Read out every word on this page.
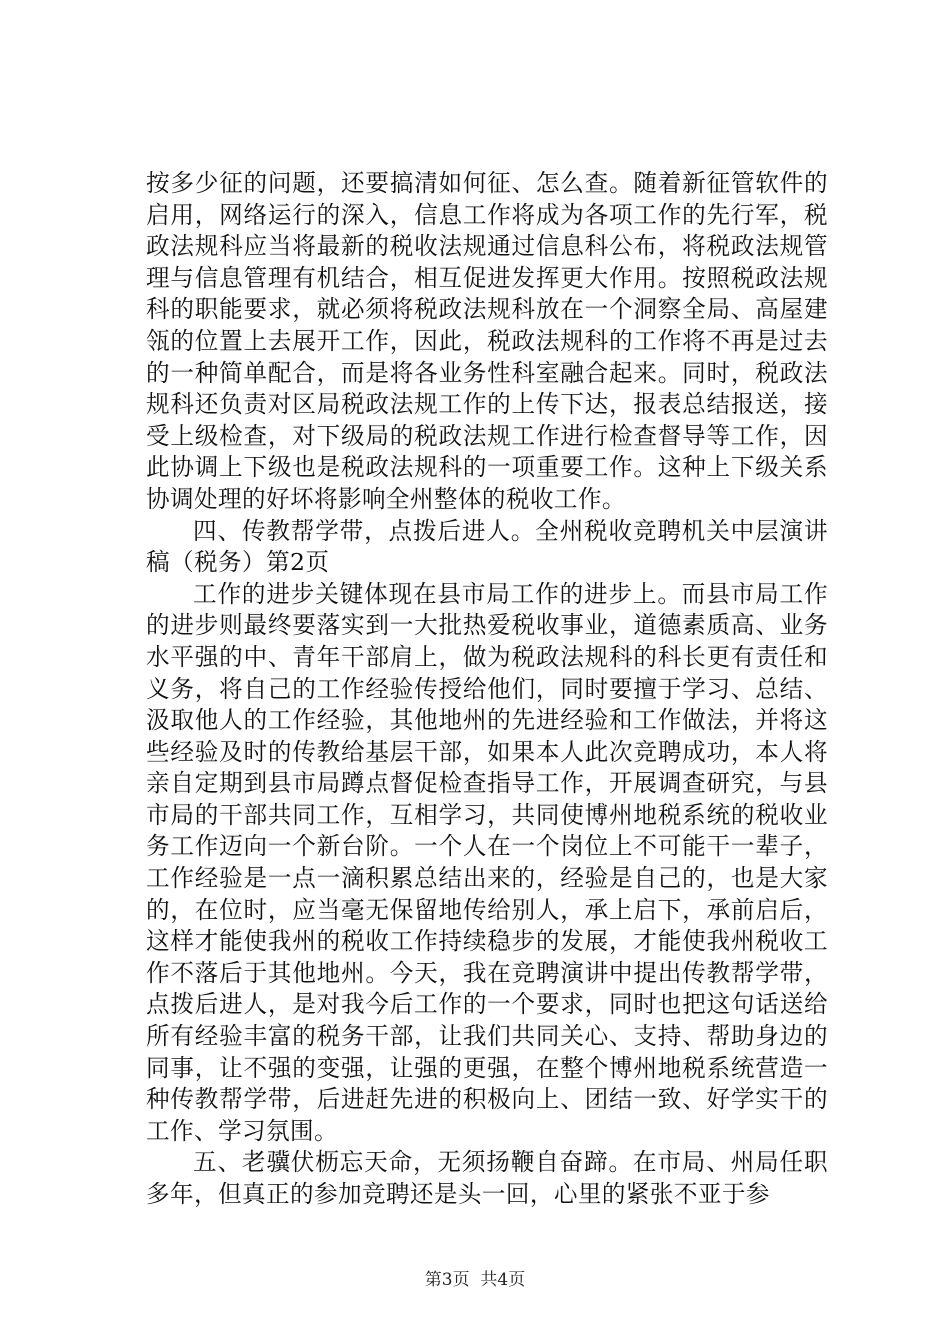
按多少征的问题，还要搞清如何征、怎么查。随着新征管软件的启用，网络运行的深入，信息工作将成为各项工作的先行军，税政法规科应当将最新的税收法规通过信息科公布，将税政法规管理与信息管理有机结合，相互促进发挥更大作用。按照税政法规科的职能要求，就必须将税政法规科放在一个洞察全局、高屋建瓴的位置上去展开工作，因此，税政法规科的工作将不再是过去的一种简单配合，而是将各业务性科室融合起来。同时，税政法规科还负责对区局税政法规工作的上传下达，报表总结报送，接受上级检查，对下级局的税政法规工作进行检查督导等工作，因此协调上下级也是税政法规科的一项重要工作。这种上下级关系协调处理的好坏将影响全州整体的税收工作。

四、传教帮学带，点拨后进人。全州税收竞聘机关中层演讲稿（税务）第2页

工作的进步关键体现在县市局工作的进步上。而县市局工作的进步则最终要落实到一大批热爱税收事业，道德素质高、业务水平强的中、青年干部肩上，做为税政法规科的科长更有责任和义务，将自己的工作经验传授给他们，同时要擅于学习、总结、汲取他人的工作经验，其他地州的先进经验和工作做法，并将这些经验及时的传教给基层干部，如果本人此次竞聘成功，本人将亲自定期到县市局蹲点督促检查指导工作，开展调查研究，与县市局的干部共同工作，互相学习，共同使博州地税系统的税收业务工作迈向一个新台阶。一个人在一个岗位上不可能干一辈子，工作经验是一点一滴积累总结出来的，经验是自己的，也是大家的，在位时，应当毫无保留地传给别人，承上启下，承前启后，这样才能使我州的税收工作持续稳步的发展，才能使我州税收工作不落后于其他地州。今天，我在竞聘演讲中提出传教帮学带，点拨后进人，是对我今后工作的一个要求，同时也把这句话送给所有经验丰富的税务干部，让我们共同关心、支持、帮助身边的同事，让不强的变强，让强的更强，在整个博州地税系统营造一种传教帮学带，后进赶先进的积极向上、团结一致、好学实干的工作、学习氛围。

五、老骥伏枥忘天命，无须扬鞭自奋蹄。在市局、州局任职多年，但真正的参加竞聘还是头一回，心里的紧张不亚于参

第3页  共4页
